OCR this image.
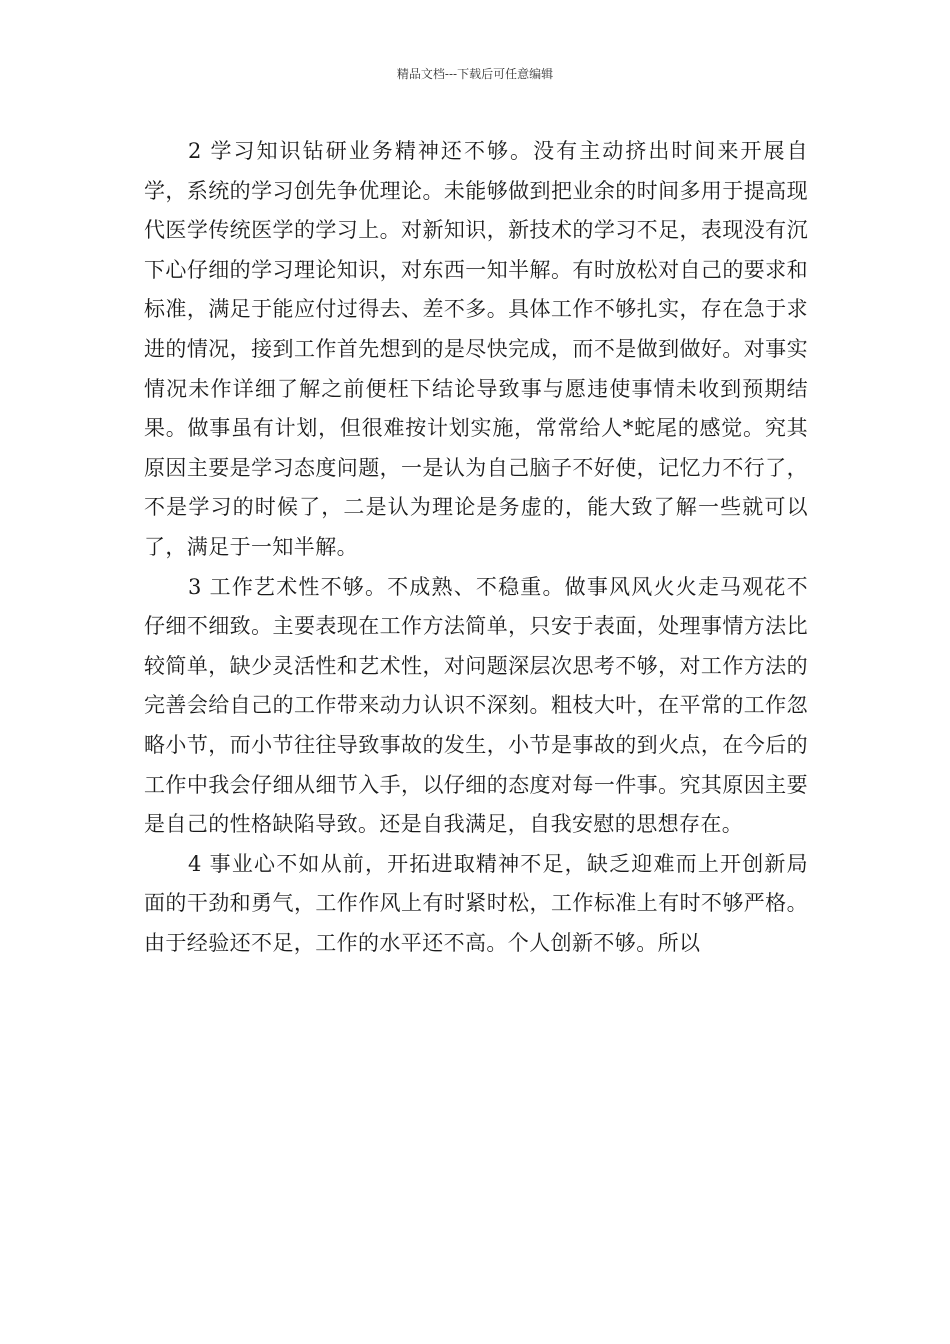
精品文档---下载后可任意编辑

2 学习知识钻研业务精神还不够。没有主动挤出时间来开展自学，系统的学习创先争优理论。未能够做到把业余的时间多用于提高现代医学传统医学的学习上。对新知识，新技术的学习不足，表现没有沉下心仔细的学习理论知识，对东西一知半解。有时放松对自己的要求和标准，满足于能应付过得去、差不多。具体工作不够扎实，存在急于求进的情况，接到工作首先想到的是尽快完成，而不是做到做好。对事实情况未作详细了解之前便枉下结论导致事与愿违使事情未收到预期结果。做事虽有计划，但很难按计划实施，常常给人*蛇尾的感觉。究其原因主要是学习态度问题，一是认为自己脑子不好使，记忆力不行了，不是学习的时候了，二是认为理论是务虚的，能大致了解一些就可以了，满足于一知半解。

3 工作艺术性不够。不成熟、不稳重。做事风风火火走马观花不仔细不细致。主要表现在工作方法简单，只安于表面，处理事情方法比较简单，缺少灵活性和艺术性，对问题深层次思考不够，对工作方法的完善会给自己的工作带来动力认识不深刻。粗枝大叶，在平常的工作忽略小节，而小节往往导致事故的发生，小节是事故的到火点，在今后的工作中我会仔细从细节入手，以仔细的态度对每一件事。究其原因主要是自己的性格缺陷导致。还是自我满足，自我安慰的思想存在。

4 事业心不如从前，开拓进取精神不足，缺乏迎难而上开创新局面的干劲和勇气，工作作风上有时紧时松，工作标准上有时不够严格。由于经验还不足，工作的水平还不高。个人创新不够。所以
